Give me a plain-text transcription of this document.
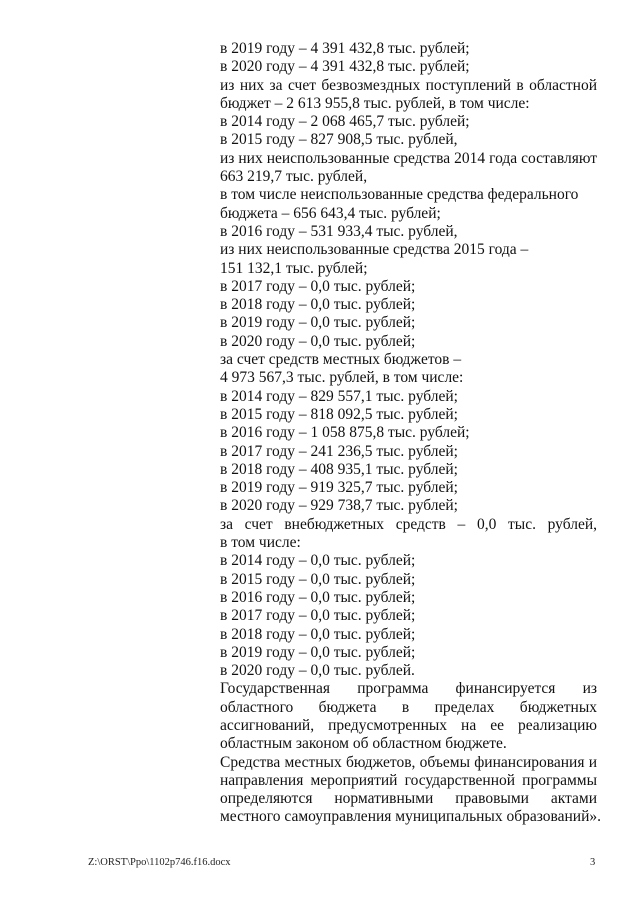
в 2019 году – 4 391 432,8 тыс. рублей;
в 2020 году – 4 391 432,8 тыс. рублей;
из них за счет безвозмездных поступлений в областной
бюджет – 2 613 955,8 тыс. рублей, в том числе:
в 2014 году – 2 068 465,7 тыс. рублей;
в 2015 году – 827 908,5 тыс. рублей,
из них неиспользованные средства 2014 года составляют
663 219,7 тыс. рублей,
в том числе неиспользованные средства федерального
бюджета – 656 643,4 тыс. рублей;
в 2016 году – 531 933,4 тыс. рублей,
из них неиспользованные средства 2015 года –
151 132,1 тыс. рублей;
в 2017 году – 0,0 тыс. рублей;
в 2018 году – 0,0 тыс. рублей;
в 2019 году – 0,0 тыс. рублей;
в 2020 году – 0,0 тыс. рублей;
за счет средств местных бюджетов –
4 973 567,3 тыс. рублей, в том числе:
в 2014 году – 829 557,1 тыс. рублей;
в 2015 году – 818 092,5 тыс. рублей;
в 2016 году – 1 058 875,8 тыс. рублей;
в 2017 году – 241 236,5 тыс. рублей;
в 2018 году – 408 935,1 тыс. рублей;
в 2019 году – 919 325,7 тыс. рублей;
в 2020 году – 929 738,7 тыс. рублей;
за счет внебюджетных средств – 0,0 тыс. рублей,
в том числе:
в 2014 году – 0,0 тыс. рублей;
в 2015 году – 0,0 тыс. рублей;
в 2016 году – 0,0 тыс. рублей;
в 2017 году – 0,0 тыс. рублей;
в 2018 году – 0,0 тыс. рублей;
в 2019 году – 0,0 тыс. рублей;
в 2020 году – 0,0 тыс. рублей.
Государственная программа финансируется из
областного бюджета в пределах бюджетных
ассигнований, предусмотренных на ее реализацию
областным законом об областном бюджете.
Средства местных бюджетов, объемы финансирования и
направления мероприятий государственной программы
определяются нормативными правовыми актами
местного самоуправления муниципальных образований».
Z:\ORST\Ppo\1102p746.f16.docx	3
